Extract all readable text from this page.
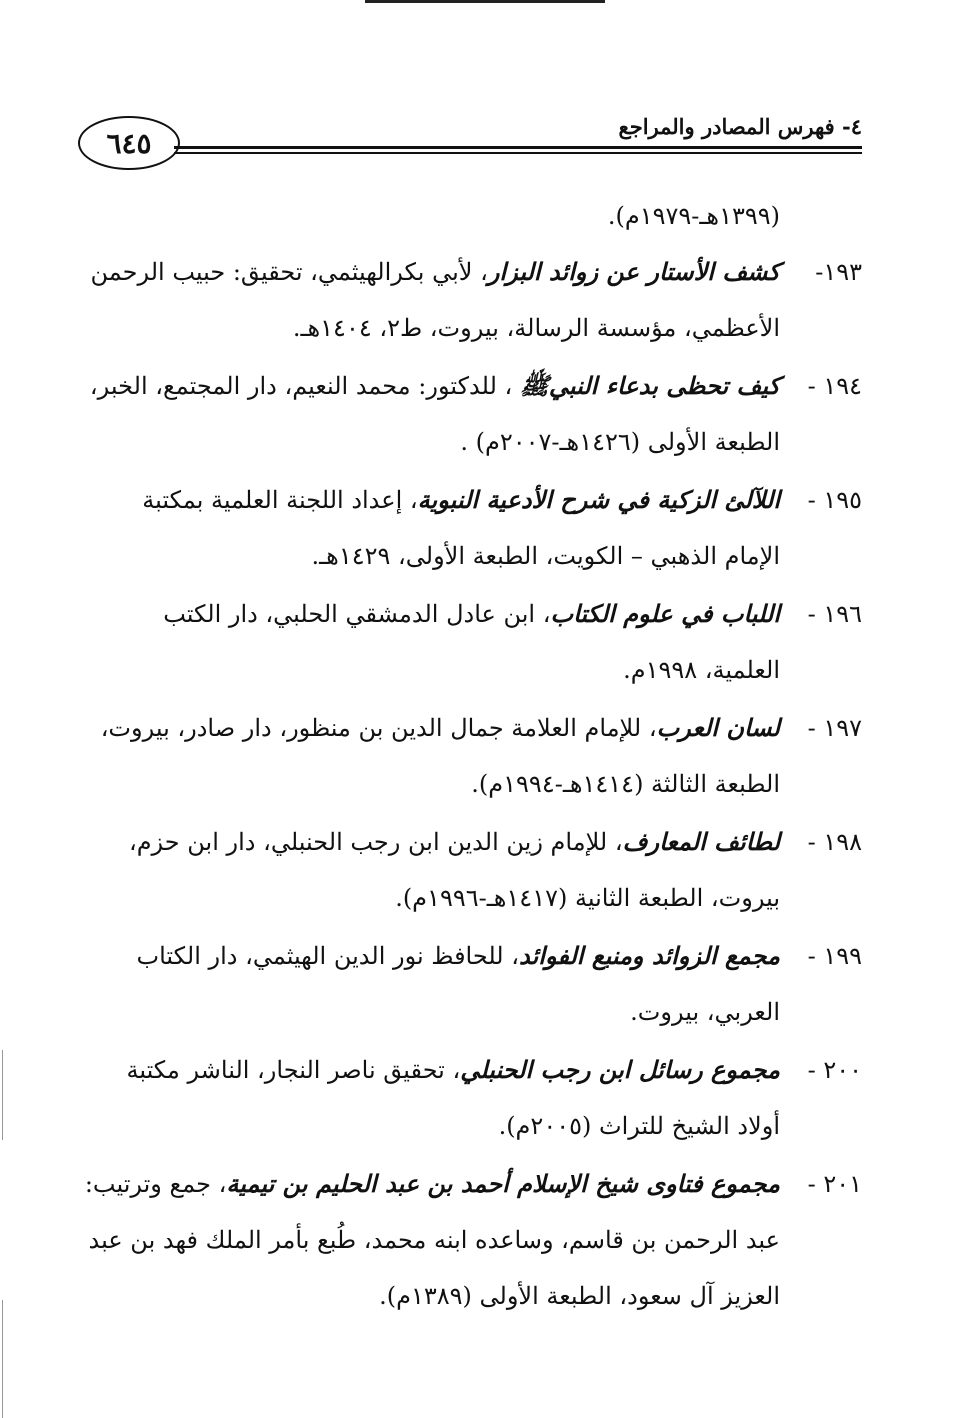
٦٤٥	٤- فهرس المصادر والمراجع
(١٣٩٩هـ-١٩٧٩م).
١٩٣-
كشف الأستار عن زوائد البزار، لأبي بكرالهيثمي، تحقيق: حبيب الرحمن الأعظمي، مؤسسة الرسالة، بيروت، ط٢، ١٤٠٤هـ.
١٩٤ -
كيف تحظى بدعاء النبيﷺ ، للدكتور: محمد النعيم، دار المجتمع، الخبر، الطبعة الأولى (١٤٢٦هـ-٢٠٠٧م) .
١٩٥ -
اللآلئ الزكية في شرح الأدعية النبوية، إعداد اللجنة العلمية بمكتبة الإمام الذهبي – الكويت، الطبعة الأولى، ١٤٢٩هـ.
١٩٦ -
اللباب في علوم الكتاب، ابن عادل الدمشقي الحلبي، دار الكتب العلمية، ١٩٩٨م.
١٩٧ -
لسان العرب، للإمام العلامة جمال الدين بن منظور، دار صادر، بيروت، الطبعة الثالثة (١٤١٤هـ-١٩٩٤م).
١٩٨ -
لطائف المعارف، للإمام زين الدين ابن رجب الحنبلي، دار ابن حزم، بيروت، الطبعة الثانية (١٤١٧هـ-١٩٩٦م).
١٩٩ -
مجمع الزوائد ومنبع الفوائد، للحافظ نور الدين الهيثمي، دار الكتاب العربي، بيروت.
٢٠٠ -
مجموع رسائل ابن رجب الحنبلي، تحقيق ناصر النجار، الناشر مكتبة أولاد الشيخ للتراث (٢٠٠٥م).
٢٠١ -
مجموع فتاوى شيخ الإسلام أحمد بن عبد الحليم بن تيمية، جمع وترتيب: عبد الرحمن بن قاسم، وساعده ابنه محمد، طُبع بأمر الملك فهد بن عبد العزيز آل سعود، الطبعة الأولى (١٣٨٩م).
